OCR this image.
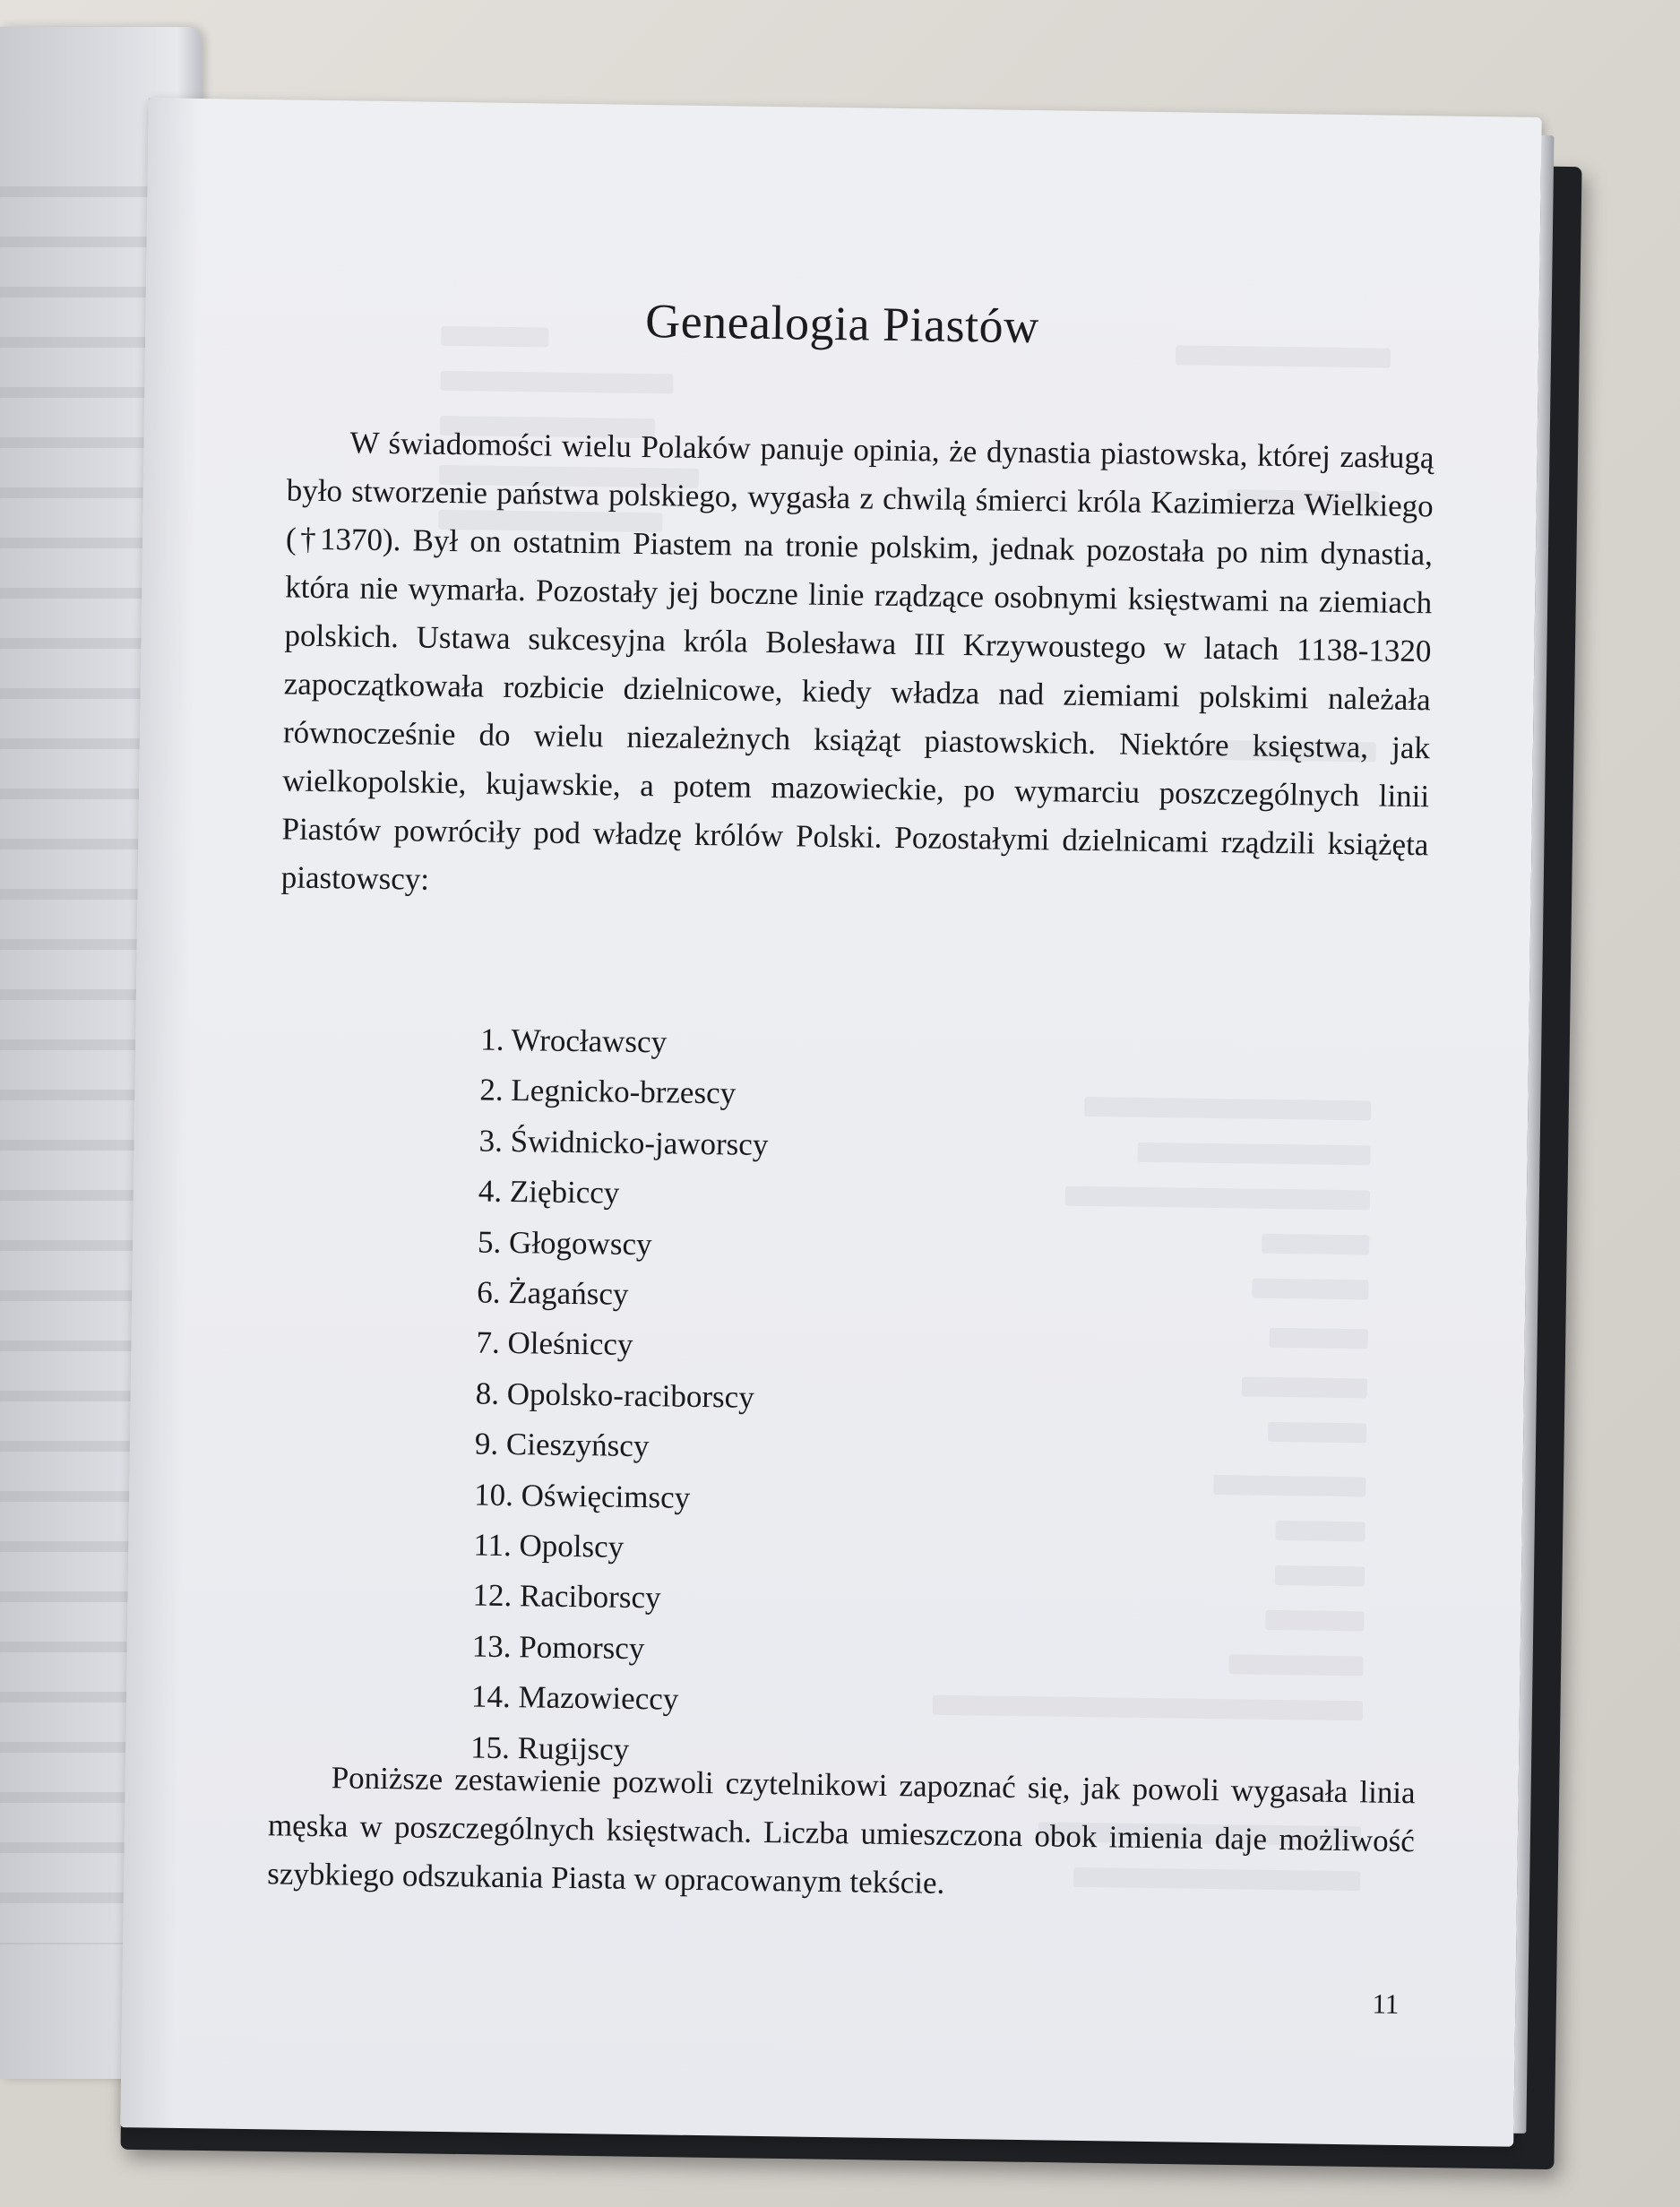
Genealogia Piastów

W świadomości wielu Polaków panuje opinia, że dynastia piastowska, której zasługą było stworzenie państwa polskiego, wygasła z chwilą śmierci króla Kazimierza Wielkiego (†1370). Był on ostatnim Piastem na tronie polskim, jednak pozostała po nim dynastia, która nie wymarła. Pozostały jej boczne linie rządzące osobnymi księstwami na ziemiach polskich. Ustawa sukcesyjna króla Bolesława III Krzywoustego w latach 1138-1320 zapoczątkowała rozbicie dzielnicowe, kiedy władza nad ziemiami polskimi należała równocześnie do wielu niezależnych książąt piastowskich. Niektóre księstwa, jak wielkopolskie, kujawskie, a potem mazowieckie, po wymarciu poszczególnych linii Piastów powróciły pod władzę królów Polski. Pozostałymi dzielnicami rządzili książęta piastowscy:

1. Wrocławscy
2. Legnicko-brzescy
3. Świdnicko-jaworscy
4. Ziębiccy
5. Głogowscy
6. Żagańscy
7. Oleśniccy
8. Opolsko-raciborscy
9. Cieszyńscy
10. Oświęcimscy
11. Opolscy
12. Raciborscy
13. Pomorscy
14. Mazowieccy
15. Rugijscy

Poniższe zestawienie pozwoli czytelnikowi zapoznać się, jak powoli wygasała linia męska w poszczególnych księstwach. Liczba umieszczona obok imienia daje możliwość szybkiego odszukania Piasta w opracowanym tekście.

11
